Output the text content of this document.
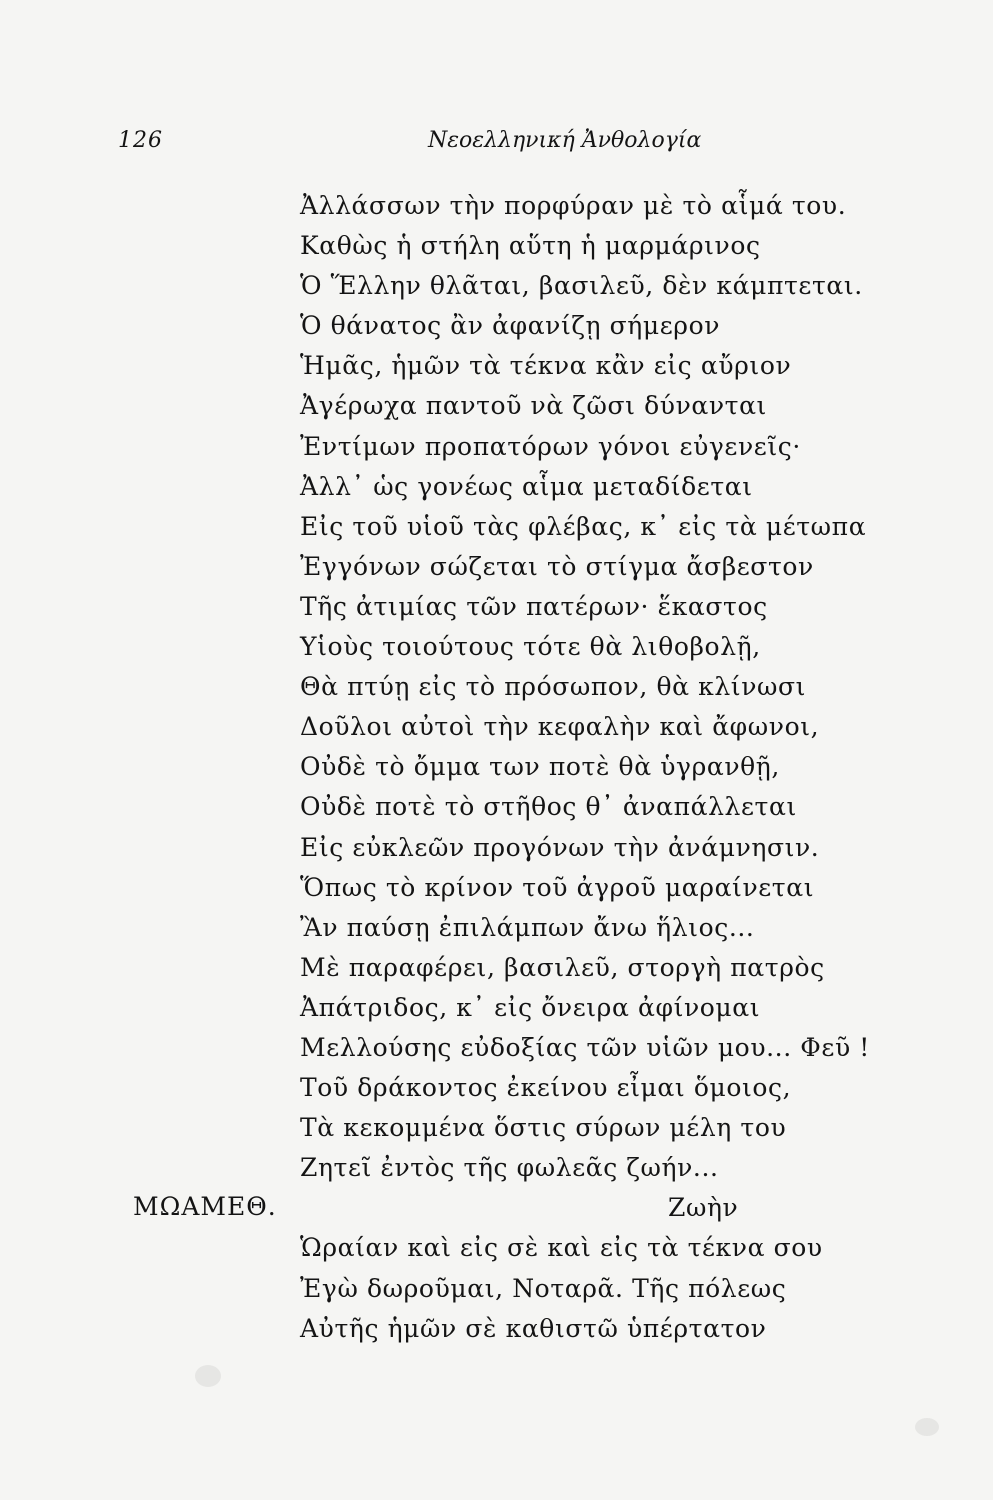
126	Νεοελληνική Ἀνθολογία
Ἀλλάσσων τὴν πορφύραν μὲ τὸ αἷμά του.
Καθὼς ἡ στήλη αὕτη ἡ μαρμάρινος
Ὁ Ἕλλην θλᾶται, βασιλεῦ, δὲν κάμπτεται.
Ὁ θάνατος ἂν ἀφανίζῃ σήμερον
Ἡμᾶς, ἡμῶν τὰ τέκνα κἂν εἰς αὔριον
Ἀγέρωχα παντοῦ νὰ ζῶσι δύνανται
Ἐντίμων προπατόρων γόνοι εὐγενεῖς·
Ἀλλ᾽ ὡς γονέως αἷμα μεταδίδεται
Εἰς τοῦ υἱοῦ τὰς φλέβας, κ᾽ εἰς τὰ μέτωπα
Ἐγγόνων σώζεται τὸ στίγμα ἄσβεστον
Τῆς ἀτιμίας τῶν πατέρων· ἕκαστος
Υἱοὺς τοιούτους τότε θὰ λιθοβολῇ,
Θὰ πτύῃ εἰς τὸ πρόσωπον, θὰ κλίνωσι
Δοῦλοι αὐτοὶ τὴν κεφαλὴν καὶ ἄφωνοι,
Οὐδὲ τὸ ὄμμα των ποτὲ θὰ ὑγρανθῇ,
Οὐδὲ ποτὲ τὸ στῆθος θ᾽ ἀναπάλλεται
Εἰς εὐκλεῶν προγόνων τὴν ἀνάμνησιν.
Ὅπως τὸ κρίνον τοῦ ἀγροῦ μαραίνεται
Ἂν παύσῃ ἐπιλάμπων ἄνω ἥλιος...
Μὲ παραφέρει, βασιλεῦ, στοργὴ πατρὸς
Ἀπάτριδος, κ᾽ εἰς ὄνειρα ἀφίνομαι
Μελλούσης εὐδοξίας τῶν υἱῶν μου... Φεῦ !
Τοῦ δράκοντος ἐκείνου εἶμαι ὅμοιος,
Τὰ κεκομμένα ὅστις σύρων μέλη του
Ζητεῖ ἐντὸς τῆς φωλεᾶς ζωήν...
Ζωὴν
Ὡραίαν καὶ εἰς σὲ καὶ εἰς τὰ τέκνα σου
Ἐγὼ δωροῦμαι, Νοταρᾶ. Τῆς πόλεως
Αὐτῆς ἡμῶν σὲ καθιστῶ ὑπέρτατον
ΜΩΑΜΕΘ.
